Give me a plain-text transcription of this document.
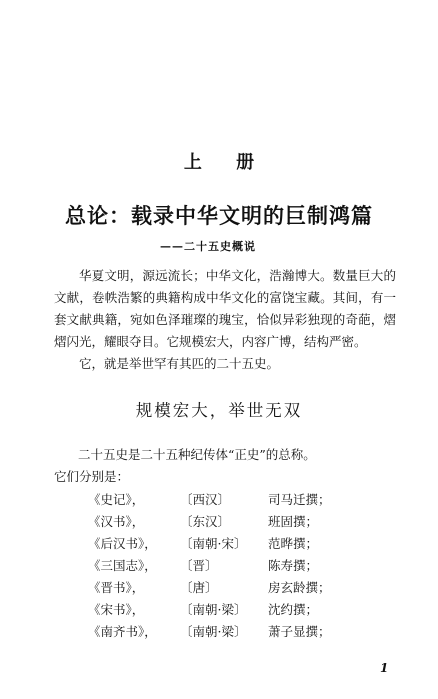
上 册
总论：载录中华文明的巨制鸿篇
——二十五史概说
华夏文明，源远流长；中华文化，浩瀚博大。数量巨大的文献，卷帙浩繁的典籍构成中华文化的富饶宝藏。其间，有一套文献典籍，宛如色泽璀璨的瑰宝，恰似异彩独现的奇葩，熠熠闪光，耀眼夺目。它规模宏大，内容广博，结构严密。
它，就是举世罕有其匹的二十五史。
规模宏大，举世无双
二十五史是二十五种纪传体“正史”的总称。
它们分别是：
《史记》，	〔西汉〕	司马迁撰；
《汉书》，	〔东汉〕	班固撰；
《后汉书》， 〔南朝·宋〕 范晔撰；
《三国志》， 〔晋〕	陈寿撰；
《晋书》，	〔唐〕	房玄龄撰；
《宋书》，	〔南朝·梁〕 沈约撰；
《南齐书》， 〔南朝·梁〕 萧子显撰；
1
